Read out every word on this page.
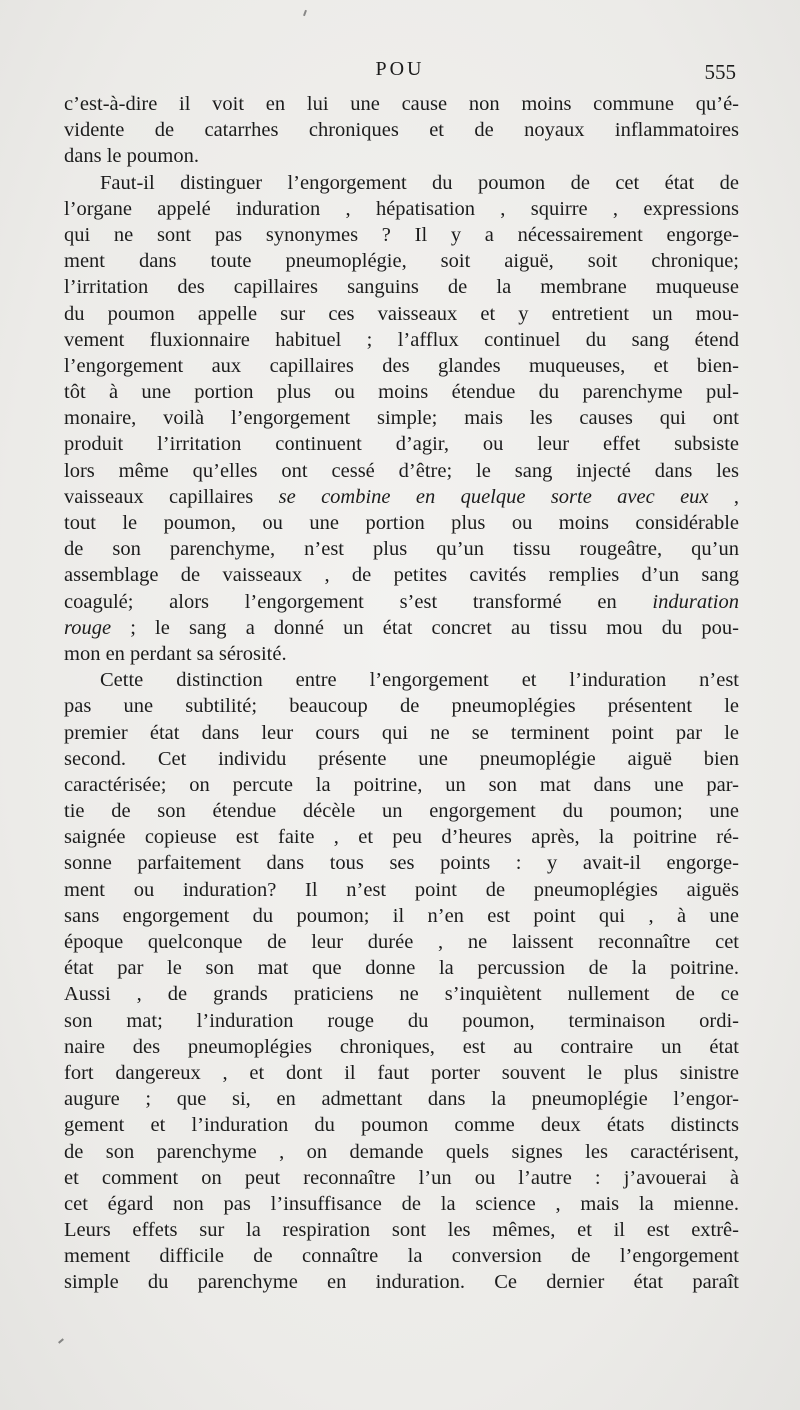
POU	555
c’est-à-dire il voit en lui une cause non moins commune qu’é-
vidente de catarrhes chroniques et de noyaux inflammatoires
dans le poumon.
Faut-il distinguer l’engorgement du poumon de cet état de
l’organe appelé induration , hépatisation , squirre , expressions
qui ne sont pas synonymes ? Il y a nécessairement engorge-
ment dans toute pneumoplégie, soit aiguë, soit chronique;
l’irritation des capillaires sanguins de la membrane muqueuse
du poumon appelle sur ces vaisseaux et y entretient un mou-
vement fluxionnaire habituel ; l’afflux continuel du sang étend
l’engorgement aux capillaires des glandes muqueuses, et bien-
tôt à une portion plus ou moins étendue du parenchyme pul-
monaire, voilà l’engorgement simple; mais les causes qui ont
produit l’irritation continuent d’agir, ou leur effet subsiste
lors même qu’elles ont cessé d’être; le sang injecté dans les
vaisseaux capillaires se combine en quelque sorte avec eux ,
tout le poumon, ou une portion plus ou moins considérable
de son parenchyme, n’est plus qu’un tissu rougeâtre, qu’un
assemblage de vaisseaux , de petites cavités remplies d’un sang
coagulé; alors l’engorgement s’est transformé en induration
rouge ; le sang a donné un état concret au tissu mou du pou-
mon en perdant sa sérosité.
Cette distinction entre l’engorgement et l’induration n’est
pas une subtilité; beaucoup de pneumoplégies présentent le
premier état dans leur cours qui ne se terminent point par le
second. Cet individu présente une pneumoplégie aiguë bien
caractérisée; on percute la poitrine, un son mat dans une par-
tie de son étendue décèle un engorgement du poumon; une
saignée copieuse est faite , et peu d’heures après, la poitrine ré-
sonne parfaitement dans tous ses points : y avait-il engorge-
ment ou induration? Il n’est point de pneumoplégies aiguës
sans engorgement du poumon; il n’en est point qui , à une
époque quelconque de leur durée , ne laissent reconnaître cet
état par le son mat que donne la percussion de la poitrine.
Aussi , de grands praticiens ne s’inquiètent nullement de ce
son mat; l’induration rouge du poumon, terminaison ordi-
naire des pneumoplégies chroniques, est au contraire un état
fort dangereux , et dont il faut porter souvent le plus sinistre
augure ; que si, en admettant dans la pneumoplégie l’engor-
gement et l’induration du poumon comme deux états distincts
de son parenchyme , on demande quels signes les caractérisent,
et comment on peut reconnaître l’un ou l’autre : j’avouerai à
cet égard non pas l’insuffisance de la science , mais la mienne.
Leurs effets sur la respiration sont les mêmes, et il est extrê-
mement difficile de connaître la conversion de l’engorgement
simple du parenchyme en induration. Ce dernier état paraît
